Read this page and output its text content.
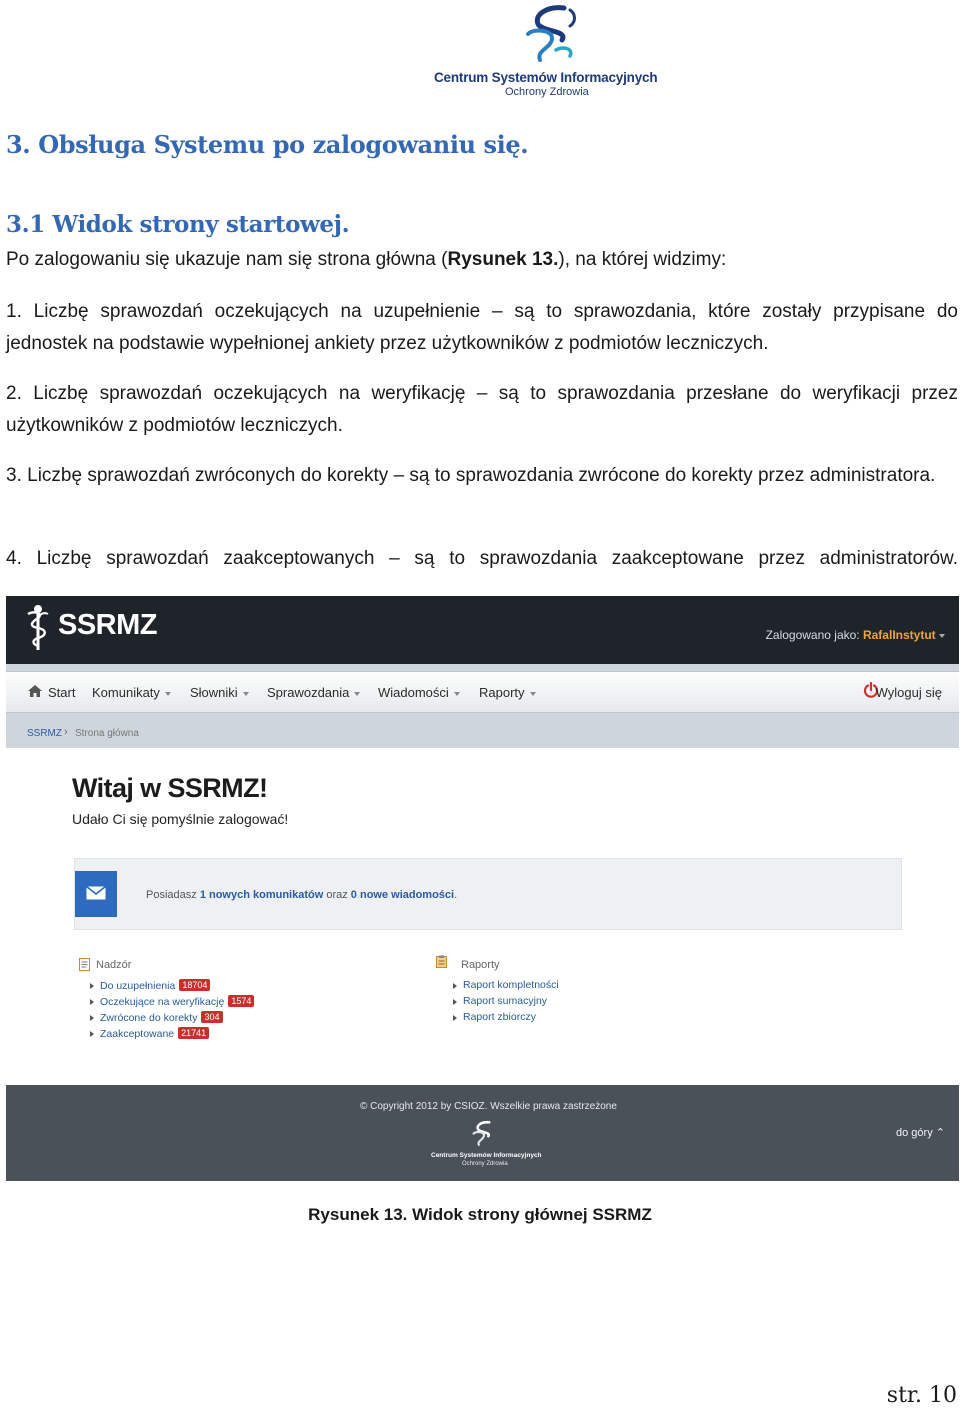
Centrum Systemów Informacyjnych
Ochrony Zdrowia
3. Obsługa Systemu po zalogowaniu się.
3.1 Widok strony startowej.
Po zalogowaniu się ukazuje nam się strona główna (Rysunek 13.), na której widzimy:
1. Liczbę sprawozdań oczekujących na uzupełnienie – są to sprawozdania, które zostały przypisane do jednostek na podstawie wypełnionej ankiety przez użytkowników z podmiotów leczniczych.
2. Liczbę sprawozdań oczekujących na weryfikację – są to sprawozdania przesłane do weryfikacji przez użytkowników z podmiotów leczniczych.
3. Liczbę sprawozdań zwróconych do korekty – są to sprawozdania zwrócone do korekty przez administratora.
4. Liczbę sprawozdań zaakceptowanych – są to sprawozdania zaakceptowane przez administratorów.
SSRMZ	Zalogowano jako: RafalInstytut
Start Komunikaty	Słowniki	Sprawozdania	Wiadomości	Raporty	Wyloguj się
SSRMZ › Strona główna
Witaj w SSRMZ!
Udało Ci się pomyślnie zalogować!
Posiadasz 1 nowych komunikatów oraz 0 nowe wiadomości.
Nadzór
Do uzupełnienia 18704
Oczekujące na weryfikację 1574
Zwrócone do korekty 304
Zaakceptowane 21741
Raporty
Raport kompletności
Raport sumacyjny
Raport zbiorczy
© Copyright 2012 by CSIOZ. Wszelkie prawa zastrzeżone
Centrum Systemów Informacyjnych
Ochrony Zdrowia
do góry ⌃
Rysunek 13. Widok strony głównej SSRMZ
str. 10
